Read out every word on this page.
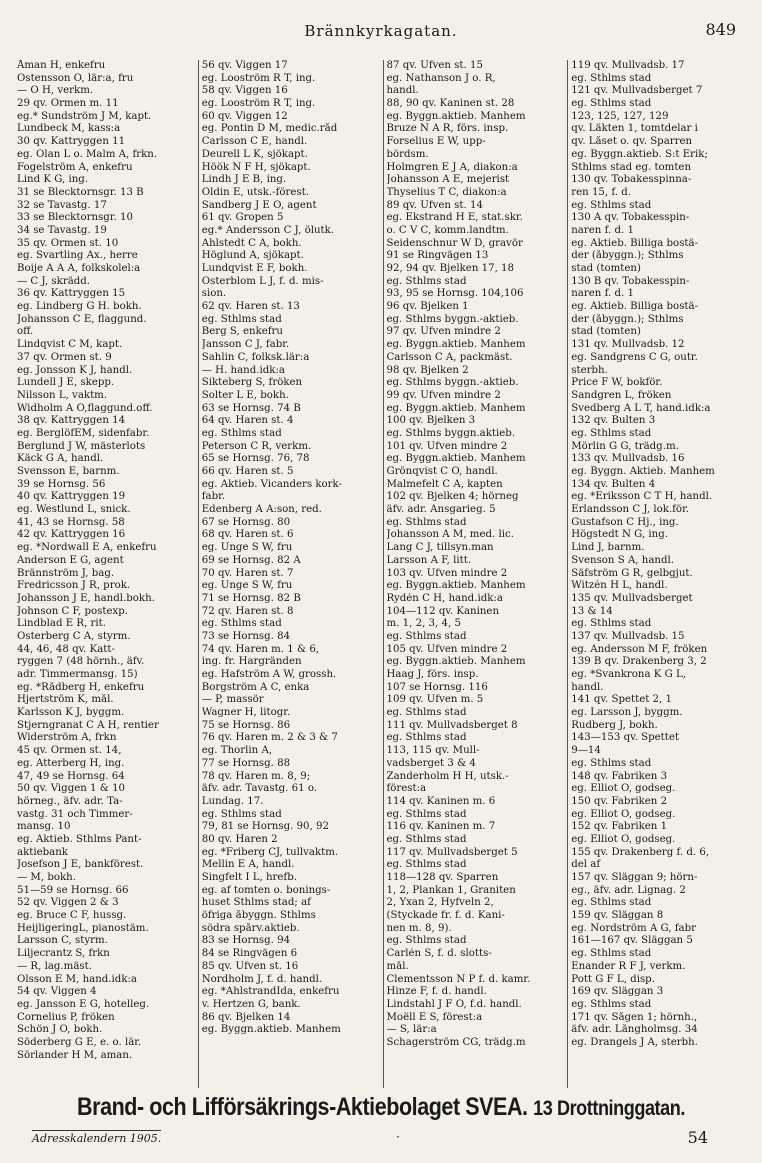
Brännkyrkagatan.	849
Åman H, enkefru
Östensson O, lär:a, fru
— O H, verkm.
29 qv. Ormen m. 11
eg.* Sundström J M, kapt.
Lundbeck M, kass:a
30 qv. Kattryggen 11
eg. Olan L o. Malm A, frkn.
Fogelström A, enkefru
Lind K G, ing.
31 se Blecktornsgr. 13 B
32 se Tavastg. 17
33 se Blecktornsgr. 10
34 se Tavastg. 19
35 qv. Ormen st. 10
eg. Svartling Ax., herre
Boije A A A, folkskolel:a
— C J, skrädd.
36 qv. Kattryggen 15
eg. Lindberg G H. bokh.
Johansson C E, flaggund.
off.
Lindqvist C M, kapt.
37 qv. Ormen st. 9
eg. Jonsson K J, handl.
Lundell J E, skepp.
Nilsson L, vaktm.
Widholm A O,flaggund.off.
38 qv. Kattryggen 14
eg. BerglöfEM, sidenfabr.
Berglund J W, mästerlots
Käck G A, handl.
Svensson E, barnm.
39 se Hornsg. 56
40 qv. Kattryggen 19
eg. Westlund L, snick.
41, 43 se Hornsg. 58
42 qv. Kattryggen 16
eg. *Nordwall E A, enkefru
Anderson E G, agent
Brännström J, bag.
Fredricsson J R, prok.
Johansson J E, handl.bokh.
Johnson C F, postexp.
Lindblad E R, rit.
Österberg C A, styrm.
44, 46, 48 qv. Katt-
ryggen 7 (48 hörnh., äfv.
adr. Timmermansg. 15)
eg. *Rådberg H, enkefru
Hjertström K, mål.
Karlsson K J, byggm.
Stjerngranat C A H, rentier
Widerström A, frkn
45 qv. Ormen st. 14,
eg. Atterberg H, ing.
47, 49 se Hornsg. 64
50 qv. Viggen 1 & 10
hörneg., äfv. adr. Ta-
vastg. 31 och Timmer-
mansg. 10
eg. Aktieb. Sthlms Pant-
aktiebank
Josefson J E, bankförest.
— M, bokh.
51—59 se Hornsg. 66
52 qv. Viggen 2 & 3
eg. Bruce C F, hussg.
HeijligeringL, pianostäm.
Larsson C, styrm.
Liljecrantz S, frkn
— R, lag.mäst.
Olsson E M, hand.idk:a
54 qv. Viggen 4
eg. Jansson E G, hotelleg.
Cornelius P, fröken
Schön J O, bokh.
Söderberg G E, e. o. lär.
Sörlander H M, aman.
56 qv. Viggen 17
eg. Looström R T, ing.
58 qv. Viggen 16
eg. Looström R T, ing.
60 qv. Viggen 12
eg. Pontin D M, medic.råd
Carlsson C E, handl.
Deurell L K, sjökapt.
Höök N F H, sjökapt.
Lindh J E B, ing.
Oldin E, utsk.-förest.
Sandberg J E O, agent
61 qv. Gropen 5
eg.* Andersson C J, ölutk.
Ahlstedt C A, bokh.
Höglund A, sjökapt.
Lundqvist E F, bokh.
Österblom L J, f. d. mis-
sion.
62 qv. Haren st. 13
eg. Sthlms stad
Berg S, enkefru
Jansson C J, fabr.
Sahlin C, folksk.lär:a
— H. hand.idk:a
Sikteberg S, fröken
Solter L E, bokh.
63 se Hornsg. 74 B
64 qv. Haren st. 4
eg. Sthlms stad
Peterson C R, verkm.
65 se Hornsg. 76, 78
66 qv. Haren st. 5
eg. Aktieb. Vicanders kork-
fabr.
Edenberg A A:son, red.
67 se Hornsg. 80
68 qv. Haren st. 6
eg. Unge S W, fru
69 se Hornsg. 82 A
70 qv. Haren st. 7
eg. Unge S W, fru
71 se Hornsg. 82 B
72 qv. Haren st. 8
eg. Sthlms stad
73 se Hornsg. 84
74 qv. Haren m. 1 & 6,
ing. fr. Hargränden
eg. Hafström A W, grossh.
Borgström A C, enka
— P, massör
Wagner H, litogr.
75 se Hornsg. 86
76 qv. Haren m. 2 & 3 & 7
eg. Thorlin A,
77 se Hornsg. 88
78 qv. Haren m. 8, 9;
äfv. adr. Tavastg. 61 o.
Lundag. 17.
eg. Sthlms stad
79, 81 se Hornsg. 90, 92
80 qv. Haren 2
eg. *Friberg CJ, tullvaktm.
Mellin E A, handl.
Singfelt I L, hrefb.
eg. af tomten o. bonings-
huset Sthlms stad; af
öfriga åbyggn. Sthlms
södra spårv.aktieb.
83 se Hornsg. 94
84 se Ringvägen 6
85 qv. Ufven st. 16
Nordholm J, f. d. handl.
eg. *AhlstrandIda, enkefru
v. Hertzen G, bank.
86 qv. Bjelken 14
eg. Byggn.aktieb. Manhem
87 qv. Ufven st. 15
eg. Nathanson J o. R,
handl.
88, 90 qv. Kaninen st. 28
eg. Byggn.aktieb. Manhem
Bruze N A R, förs. insp.
Forselius E W, upp-
bördsm.
Holmgren E J A, diakon:a
Johansson A E, mejerist
Thyselius T C, diakon:a
89 qv. Ufven st. 14
eg. Ekstrand H E, stat.skr.
o. C V C, komm.landtm.
Seidenschnur W D, gravör
91 se Ringvägen 13
92, 94 qv. Bjelken 17, 18
eg. Sthlms stad
93, 95 se Hornsg. 104,106
96 qv. Bjelken 1
eg. Sthlms byggn.-aktieb.
97 qv. Ufven mindre 2
eg. Byggn.aktieb. Manhem
Carlsson C A, packmäst.
98 qv. Bjelken 2
eg. Sthlms byggn.-aktieb.
99 qv. Ufven mindre 2
eg. Byggn.aktieb. Manhem
100 qv. Bjelken 3
eg. Sthlms byggn.aktieb.
101 qv. Ufven mindre 2
eg. Byggn.aktieb. Manhem
Grönqvist C O, handl.
Malmefelt C A, kapten
102 qv. Bjelken 4; hörneg
äfv. adr. Ansgarieg. 5
eg. Sthlms stad
Johansson A M, med. lic.
Lang C J, tillsyn.man
Larsson A F, litt.
103 qv. Ufven mindre 2
eg. Byggn.aktieb. Manhem
Rydén C H, hand.idk:a
104—112 qv. Kaninen
m. 1, 2, 3, 4, 5
eg. Sthlms stad
105 qv. Ufven mindre 2
eg. Byggn.aktieb. Manhem
Haag J, förs. insp.
107 se Hornsg. 116
109 qv. Ufven m. 5
eg. Sthlms stad
111 qv. Mullvadsberget 8
eg. Sthlms stad
113, 115 qv. Mull-
vadsberget 3 & 4
Zanderholm H H, utsk.-
förest:a
114 qv. Kaninen m. 6
eg. Sthlms stad
116 qv. Kaninen m. 7
eg. Sthlms stad
117 qv. Mullvadsberget 5
eg. Sthlms stad
118—128 qv. Sparren
1, 2, Plankan 1, Graniten
2, Yxan 2, Hyfveln 2,
(Styckade fr. f. d. Kani-
nen m. 8, 9).
eg. Sthlms stad
Carlén S, f. d. slotts-
mål.
Clementsson N P f. d. kamr.
Hinze F, f. d. handl.
Lindstahl J F O, f.d. handl.
Moëll E S, förest:a
— S, lär:a
Schagerström CG, trädg.m
119 qv. Mullvadsb. 17
eg. Sthlms stad
121 qv. Mullvadsberget 7
eg. Sthlms stad
123, 125, 127, 129
qv. Läkten 1, tomtdelar i
qv. Låset o. qv. Sparren
eg. Byggn.aktieb. S:t Erik;
Sthlms stad eg. tomten
130 qv. Tobakesspinna-
ren 15, f. d.
eg. Sthlms stad
130 A qv. Tobakesspin-
naren f. d. 1
eg. Aktieb. Billiga bostä-
der (åbyggn.); Sthlms
stad (tomten)
130 B qv. Tobakesspin-
naren f. d. 1
eg. Aktieb. Billiga bostä-
der (åbyggn.); Sthlms
stad (tomten)
131 qv. Mullvadsb. 12
eg. Sandgrens C G, outr.
sterbh.
Price F W, bokför.
Sandgren L, fröken
Svedberg A L T, hand.idk:a
132 qv. Bulten 3
eg. Sthlms stad
Mörlin G G, trädg.m.
133 qv. Mullvadsb. 16
eg. Byggn. Aktieb. Manhem
134 qv. Bulten 4
eg. *Eriksson C T H, handl.
Erlandsson C J, lok.för.
Gustafson C Hj., ing.
Högstedt N G, ing.
Lind J, barnm.
Svenson S A, handl.
Säfström G R, gelbgjut.
Witzén H L, handl.
135 qv. Mullvadsberget
13 & 14
eg. Sthlms stad
137 qv. Mullvadsb. 15
eg. Andersson M F, fröken
139 B qv. Drakenberg 3, 2
eg. *Svankrona K G L,
handl.
141 qv. Spettet 2, 1
eg. Larsson J, byggm.
Rudberg J, bokh.
143—153 qv. Spettet
9—14
eg. Sthlms stad
148 qv. Fabriken 3
eg. Elliot O, godseg.
150 qv. Fabriken 2
eg. Elliot O, godseg.
152 qv. Fabriken 1
eg. Elliot O, godseg.
155 qv. Drakenberg f. d. 6,
del af
157 qv. Släggan 9; hörn-
eg., äfv. adr. Lignag. 2
eg. Sthlms stad
159 qv. Släggan 8
eg. Nordström A G, fabr
161—167 qv. Släggan 5
eg. Sthlms stad
Enander R F J, verkm.
Pott G F L, disp.
169 qv. Släggan 3
eg. Sthlms stad
171 qv. Sågen 1; hörnh.,
äfv. adr. Långholmsg. 34
eg. Drangels J A, sterbh.
Brand- och Lifförsäkrings-Aktiebolaget SVEA. 13 Drottninggatan.
Adresskalendern 1905.	·	54
